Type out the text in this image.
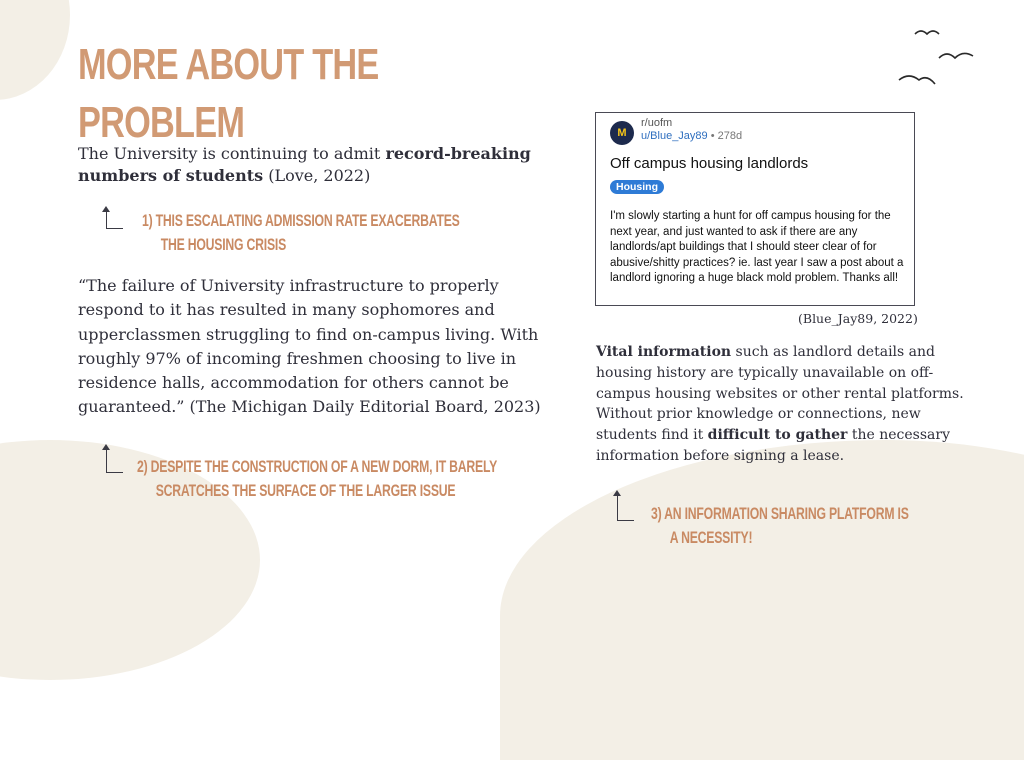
MORE ABOUT THE
PROBLEM
The University is continuing to admit record-breaking numbers of students (Love, 2022)
1) THIS ESCALATING ADMISSION RATE EXACERBATES
THE HOUSING CRISIS
“The failure of University infrastructure to properly respond to it has resulted in many sophomores and upperclassmen struggling to find on-campus living. With roughly 97% of incoming freshmen choosing to live in residence halls, accommodation for others cannot be guaranteed.” (The Michigan Daily Editorial Board, 2023)
2) DESPITE THE CONSTRUCTION OF A NEW DORM, IT BARELY
SCRATCHES THE SURFACE OF THE LARGER ISSUE
M
r/uofm
u/Blue_Jay89 • 278d
Off campus housing landlords
Housing
I'm slowly starting a hunt for off campus housing for the next year, and just wanted to ask if there are any landlords/apt buildings that I should steer clear of for abusive/shitty practices? ie. last year I saw a post about a landlord ignoring a huge black mold problem. Thanks all!
(Blue_Jay89, 2022)
Vital information such as landlord details and housing history are typically unavailable on off-campus housing websites or other rental platforms. Without prior knowledge or connections, new students find it difficult to gather the necessary information before signing a lease.
3) AN INFORMATION SHARING PLATFORM IS
A NECESSITY!
